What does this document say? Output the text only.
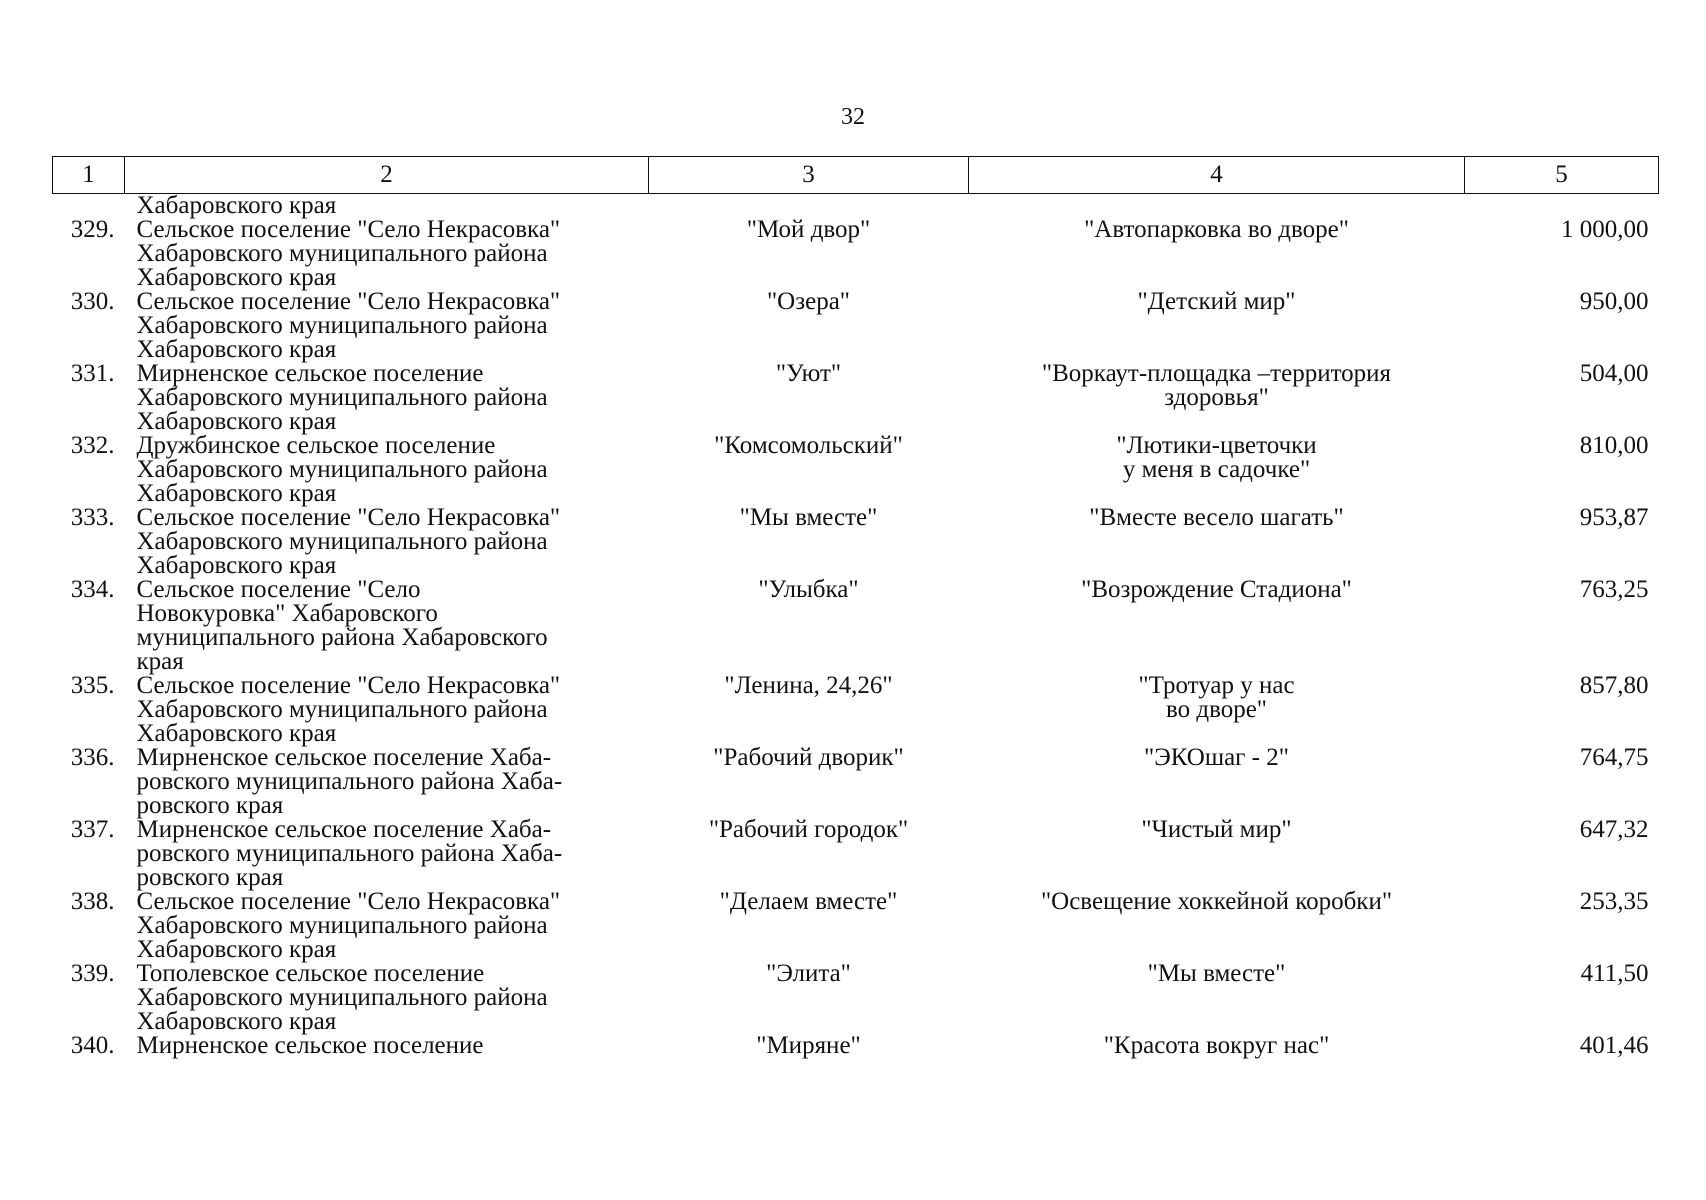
32
1	2	3	4	5

	Хабаровского края			

329.	Сельское поселение "Село Некрасовка"
Хабаровского муниципального района
Хабаровского края	"Мой двор"	"Автопарковка во дворе"	1 000,00
330.	Сельское поселение "Село Некрасовка"
Хабаровского муниципального района
Хабаровского края	"Озера"	"Детский мир"	950,00
331.	Мирненское сельское поселение
Хабаровского муниципального района
Хабаровского края	"Уют"	"Воркаут-площадка –территория
здоровья"	504,00
332.	Дружбинское сельское поселение
Хабаровского муниципального района
Хабаровского края	"Комсомольский"	"Лютики-цветочки
у меня в садочке"	810,00
333.	Сельское поселение "Село Некрасовка"
Хабаровского муниципального района
Хабаровского края	"Мы вместе"	"Вместе весело шагать"	953,87
334.	Сельское поселение "Село
Новокуровка" Хабаровского
муниципального района Хабаровского
края	"Улыбка"	"Возрождение Стадиона"	763,25
335.	Сельское поселение "Село Некрасовка"
Хабаровского муниципального района
Хабаровского края	"Ленина, 24,26"	"Тротуар у нас
во дворе"	857,80
336.	Мирненское сельское поселение Хаба-
ровского муниципального района Хаба-
ровского края	"Рабочий дворик"	"ЭКОшаг - 2"	764,75
337.	Мирненское сельское поселение Хаба-
ровского муниципального района Хаба-
ровского края	"Рабочий городок"	"Чистый мир"	647,32
338.	Сельское поселение "Село Некрасовка"
Хабаровского муниципального района
Хабаровского края	"Делаем вместе"	"Освещение хоккейной коробки"	253,35
339.	Тополевское сельское поселение
Хабаровского муниципального района
Хабаровского края	"Элита"	"Мы вместе"	411,50
340.	Мирненское сельское поселение	"Миряне"	"Красота вокруг нас"	401,46
